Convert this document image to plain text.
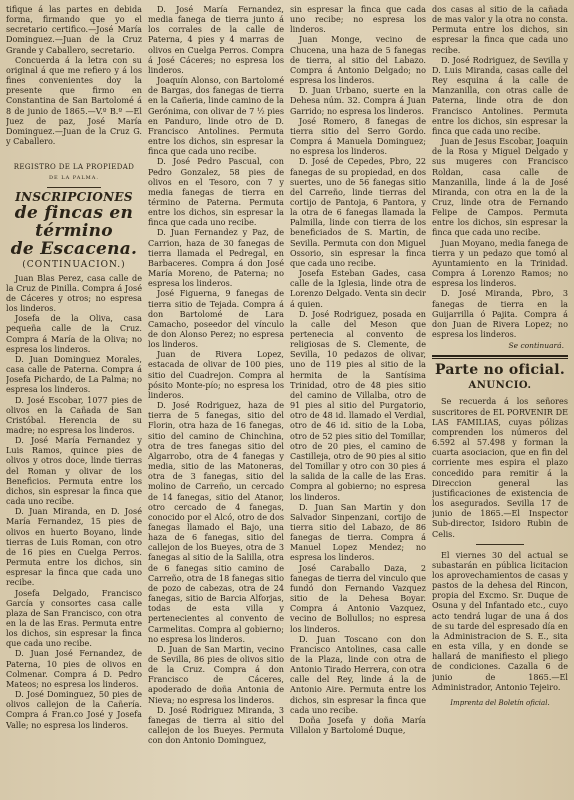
tifique á las partes en debida forma, firmando que yo el secretario certifico.—José María Dominguez.—Juan de la Cruz Grande y Caballero, secretario.

Concuerda á la letra con su original á que me refiero y á los fines convenientes doy la presente que firmo en Constantina de San Bartolomé á 8 de junio de 1865.—V.º B.º —El Juez de paz, José María Dominguez.—Juan de la Cruz G. y Caballero.

REGISTRO DE LA PROPIEDAD
DE LA PALMA.
INSCRIPCIONES
de fincas en término
de Escacena.
(CONTINUACION.)

Juan Blas Perez, casa calle de la Cruz de Pinilla. Compra á José de Cáceres y otros; no espresa los linderos.

Josefa de la Oliva, casa pequeña calle de la Cruz. Compra á María de la Oliva; no espresa los linderos.

D. Juan Dominguez Morales, casa calle de Paterna. Compra á Josefa Pichardo, de La Palma; no espresa los linderos.

D. José Escobar, 1077 pies de olivos en la Cañada de San Cristóbal. Herencia de su madre; no espresa los linderos.

D. José María Fernandez y Luis Ramos, quince pies de olivos y otros doce, linde tierras del Roman y olivar de los Beneficios. Permuta entre los dichos, sin espresar la finca que cada uno recibe.

D. Juan Miranda, en D. José María Fernandez, 15 pies de olivos en huerto Boyano, linde tierras de Luis Roman, con otro de 16 pies en Cuelga Perros. Permuta entre los dichos, sin espresar la finca que cada uno recibe.

Josefa Delgado, Francisco García y consortes casa calle plaza de San Francisco, con otra en la de las Eras. Permuta entre los dichos, sin espresar la finca que cada uno recibe.

D. Juan José Fernandez, de Paterna, 10 pies de olivos en Colmenar. Compra á D. Pedro Mateos; no espresa los linderos.

D. José Dominguez, 50 pies de olivos callejon de la Cañería. Compra á Fran.co José y Josefa Valle; no espresa los linderos.

D. José María Fernandez, media fanega de tierra junto á los corrales de la calle de Paterna, 4 pies y 4 marras de olivos en Cuelga Perros. Compra á José Cáceres; no espresa los linderos.

Joaquín Alonso, con Bartolomé de Bargas, dos fanegas de tierra en la Cañeria, linde camino de la Gerónima, con olivar de 7 ½ pies en Panduro, linde otro de D. Francisco Antolines. Permuta entre los dichos, sin espresar la finca que cada uno recibe.

D. José Pedro Pascual, con Pedro Gonzalez, 58 pies de olivos en el Tesoro, con 7 y media fanegas de tierra en término de Paterna. Permuta entre los dichos, sin espresar la finca que cada uno recibe.

D. Juan Fernandez y Paz, de Carrion, haza de 30 fanegas de tierra llamada el Pedregal, en Barbaceres. Compra á don José María Moreno, de Paterna; no espresa los linderos.

José Figuerna, 9 fanegas de tierra sitio de Tejada. Compra á don Bartolomé de Lara Camacho, poseedor del vínculo de don Alonso Perez; no espresa los linderos.

Juan de Rivera Lopez, estacada de olivar de 100 pies, sitio del Cuadrejon. Compra al pósito Monte-pío; no espresa los linderos.

D. José Rodriguez, haza de tierra de 5 fanegas, sitio del Florin, otra haza de 16 fanegas, sitio del camino de Chinchina, otra de tres fanegas sitio del Algarrobo, otra de 4 fanegas y media, sitio de las Matoneras, otra de 3 fanegas, sitio del molino de Carreño, un cercado de 14 fanegas, sitio del Atanor, otro cercado de 4 fanegas, conocido por el Alcó, otro de dos fanegas llamado el Bajo, una haza de 6 fanegas, sitio del callejon de los Bueyes, otra de 3 fanegas al sitio de la Salilla, otra de 6 fanegas sitio camino de Carreño, otra de 18 fanegas sitio de pozo de cabezas, otra de 24 fanegas, sitio de Barcia Alforjas, todas de esta villa y pertenecientes al convento de Carmelitas. Compra al gobierno; no espresa los linderos.

D. Juan de San Martin, vecino de Sevilla, 86 pies de olivos sitio de la Cruz. Compra á don Francisco de Cáceres, apoderado de doña Antonia de Nieva; no espresa los linderos.

D. José Rodriguez Miranda, 3 fanegas de tierra al sitio del callejon de los Bueyes. Permuta con don Antonio Dominguez,

sin espresar la finca que cada uno recibe; no espresa los linderos.

Juan Monge, vecino de Chucena, una haza de 5 fanegas de tierra, al sitio del Labazo. Compra á Antonio Delgado; no espresa los linderos.

D. Juan Urbano, suerte en la Dehesa núm. 32. Compra á Juan Garrido; no espresa los linderos.

José Romero, 8 fanegas de tierra sitio del Serro Gordo. Compra á Manuela Dominguez; no espresa los linderos.

D. José de Cepedes, Pbro, 22 fanegas de su propiedad, en dos suertes, uno de 56 fanegas sitio del Carreño, linde tierras del cortijo de Pantoja, 6 Pantora, y la otra de 6 fanegas llamada la Palmilla, linde con tierra de los beneficiados de S. Martin, de Sevilla. Permuta con don Miguel Ossorio, sin espresar la finca que cada uno recibe.

Josefa Esteban Gades, casa calle de la Iglesia, linde otra de Lorenzo Delgado. Venta sin decir á quien.

D. José Rodriguez, posada en la calle del Meson que pertenecia al convento de religiosas de S. Clemente, de Sevilla, 10 pedazos de olivar, uno de 119 pies al sitio de la hermita de la Santísima Trinidad, otro de 48 pies sitio del camino de Villalba, otro de 91 pies al sitio del Purgatorio, otro de 48 id. llamado el Verdial, otro de 46 id. sitio de la Loba, otro de 52 pies sitio del Tomillar, otro de 20 pies, el camino de Castilleja, otro de 90 pies al sitio del Tomillar y otro con 30 pies á la salida de la calle de las Eras. Compra al gobierno; no espresa los linderos.

D. Juan San Martin y don Salvador Sinpenzani, cortijo de tierra sitio del Labazo, de 86 fanegas de tierra. Compra á Manuel Lopez Mendez; no espresa los linderos.

José Caraballo Daza, 2 fanegas de tierra del vinculo que fundó don Fernando Vazquez sitio de la Dehesa Boyar. Compra á Antonio Vazquez, vecino de Bollullos; no espresa los linderos.

D. Juan Toscano con don Francisco Antolines, casa calle de la Plaza, linde con otra de Antonio Tirado Herrera, con otra calle del Rey, linde á la de Antonio Aire. Permuta entre los dichos, sin espresar la finca que cada uno recibe.

Doña Josefa y doña María Villalon y Bartolomé Duque,

dos casas al sitio de la cañada de mas valor y la otra no consta. Permuta entre los dichos, sin espresar la finca que cada uno recibe.

D. José Rodriguez, de Sevilla y D. Luis Miranda, casas calle del Rey esquina á la calle de Manzanilla, con otras calle de Paterna, linde otra de don Francisco Antolines. Permuta entre los dichos, sin espresar la finca que cada uno recibe.

Juan de Jesus Escobar, Joaquin de la Rosa y Miguel Delgado y sus mugeres con Francisco Roldan, casa calle de Manzanilla, linde á la de José Miranda, con otra en la de la Cruz, linde otra de Fernando Felipe de Campos. Permuta entre los dichos, sin espresar la finca que cada uno recibe.

Juan Moyano, media fanega de tierra y un pedazo que tomó al Ayuntamiento en la Trinidad. Compra á Lorenzo Ramos; no espresa los linderos.

D. José Miranda, Pbro, 3 fanegas de tierra en la Guijarrilla ó Pajita. Compra á don Juan de Rivera Lopez; no espresa los linderos.

Se continuará.
Parte no oficial.
ANUNCIO.

Se recuerda á los señores suscritores de EL PORVENIR DE LAS FAMILIAS, cuyas pólizas comprenden los números del 6.592 al 57.498 y forman la cuarta asociacion, que en fin del corriente mes espira el plazo concedido para remitir á la Direccion general las justificaciones de existencia de los asegurados. Sevilla 17 de junio de 1865.—El Inspector Sub-director, Isidoro Rubin de Celis.

El viernes 30 del actual se subastarán en pública licitacion los aprovechamientos de casas y pastos de la dehesa del Rincon, propia del Excmo. Sr. Duque de Osuna y del Infantado etc., cuyo acto tendrá lugar de una á dos de su tarde del espresado día en la Administracion de S. E., sita en esta villa, y en donde se hallará de manifiesto el pliego de condiciones. Cazalla 6 de junio de 1865.—El Administrador, Antonio Tejeiro.

Imprenta del Boletín oficial.
